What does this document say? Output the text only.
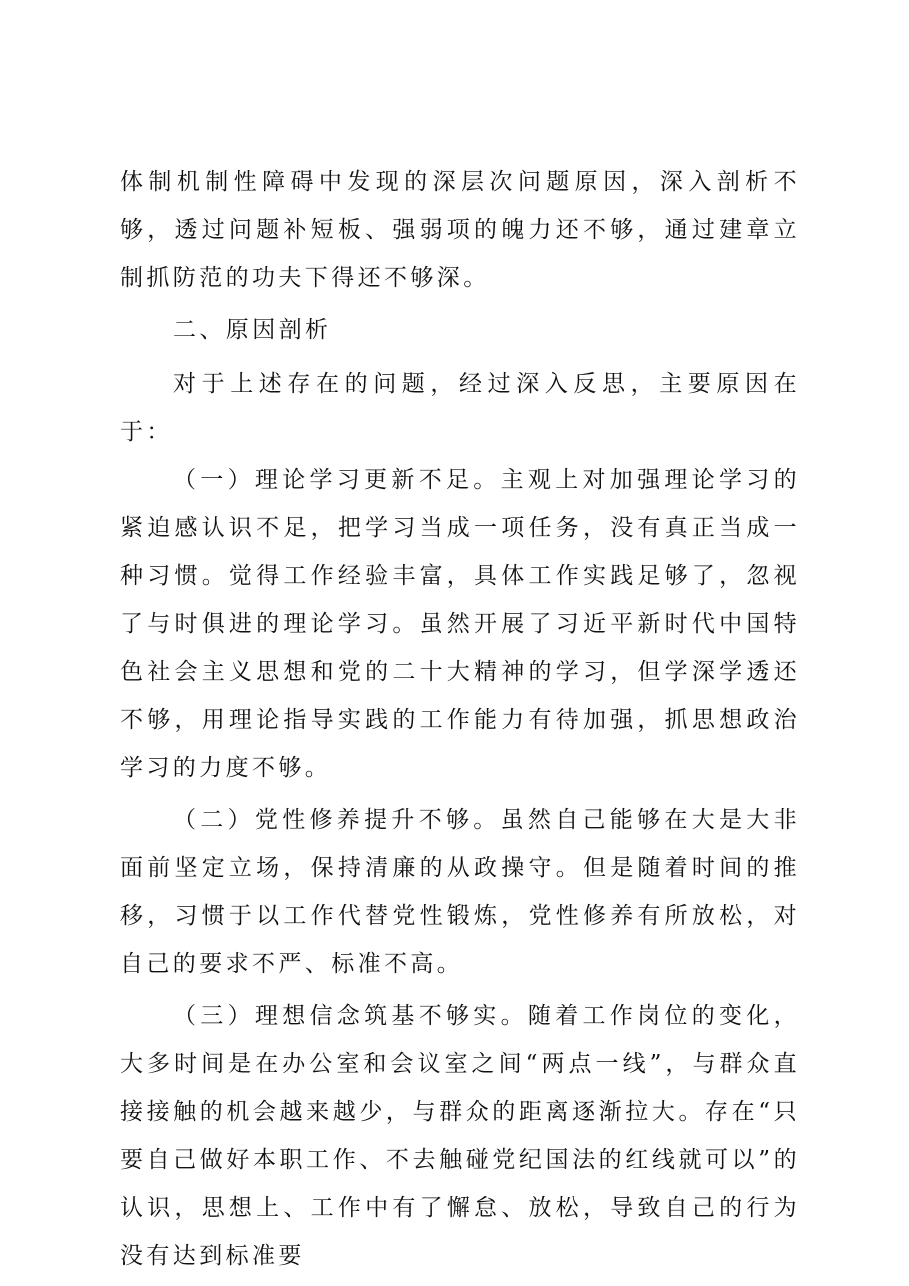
体制机制性障碍中发现的深层次问题原因，深入剖析不够，透过问题补短板、强弱项的魄力还不够，通过建章立制抓防范的功夫下得还不够深。

二、原因剖析

对于上述存在的问题，经过深入反思，主要原因在于：

（一）理论学习更新不足。主观上对加强理论学习的紧迫感认识不足，把学习当成一项任务，没有真正当成一种习惯。觉得工作经验丰富，具体工作实践足够了，忽视了与时俱进的理论学习。虽然开展了习近平新时代中国特色社会主义思想和党的二十大精神的学习，但学深学透还不够，用理论指导实践的工作能力有待加强，抓思想政治学习的力度不够。

（二）党性修养提升不够。虽然自己能够在大是大非面前坚定立场，保持清廉的从政操守。但是随着时间的推移，习惯于以工作代替党性锻炼，党性修养有所放松，对自己的要求不严、标准不高。

（三）理想信念筑基不够实。随着工作岗位的变化，大多时间是在办公室和会议室之间“两点一线”，与群众直接接触的机会越来越少，与群众的距离逐渐拉大。存在“只要自己做好本职工作、不去触碰党纪国法的红线就可以”的认识，思想上、工作中有了懈怠、放松，导致自己的行为没有达到标准要
